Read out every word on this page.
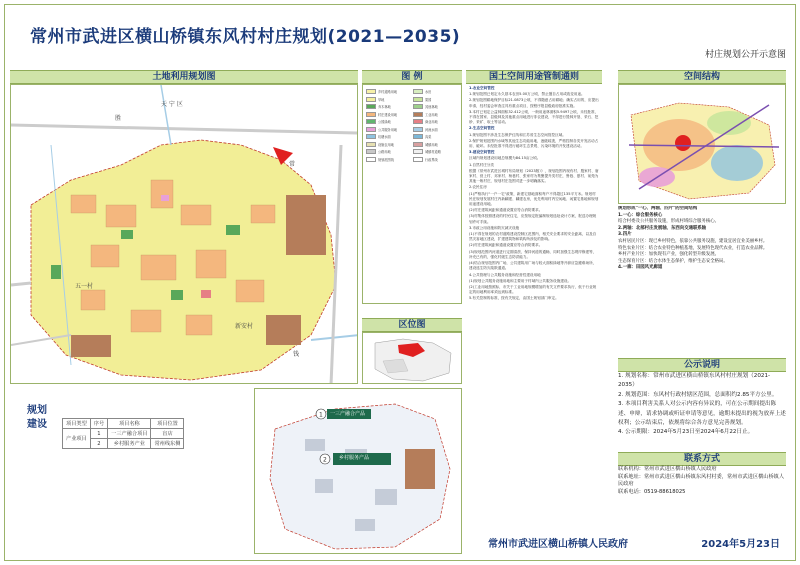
常州市武进区横山桥镇东风村村庄规划(2021—2035)
村庄规划公开示意图
土地利用规划图
天 宁 区
五一村
新安村
常
钱
胜
图 例
乡村道路用地	水田
旱地	果园
乔木林地	其他林地
村庄建设用地	工业用地
公园绿地	商业用地
公共服务用地	河流水面
坑塘水面	沟渠
设施农用地	城镇用地
公路用地	城镇村道路
规划范围线	行政界线
区位图
规划建设	项目类型	序号	项目名称	项目位置
产业项目	1	一三产融合项目	盲店
	2	乡村服务产业	常州线东侧
1
2
一三产融合产品
乡村服务产品
国土空间用途管制通则

1.农业空间管控

1.规划范围已划定永久基本农田5.00万公顷，禁止擅自占用或改变用途。

2.规划范围耕地保护目标21.0873公顷，不得随意占用耕地；确实占用的，应提出申请，经村委会审查注具有重点项目，按程序报县级政府批准实施。

3.本村已划定公益林面积32.412公顷，一般用途林面积5.9497公顷，未经批准，不得在国家、县级林及其他重点用地进行非农建设，不得进行毁林开垦、采石、挖砂、采矿、取土等活动。

2.生态空间管控

1.规划范围不涉及生态保护红线和江苏省生态空间管控区域。

2.保护规划范围内水域等其他生态功能用地，逐级疏浚，严格控制各类开发活动占用、破坏。未经批准不得进行破坏生态景观、污染环境的开发建设活动。

3.建设空间管控

区域内规划建设用地总规模为84.15亩公顷。

1.自然村庄分类

根据《常州市武进区城村布局规划（2023版）》，规划范围内现有村、殷家村、唐家村、营上村、邓家村、杨巷村、张家村为集聚提升类村庄，鲁巷、夏村、前苑为其他一般村庄，规划村庄范围对进一步明确落实。

2.农民住房

(1)严格执行"一户一宅"政策，新建宅基地面积每户不得超过135平方米。规划村民在规划发展村庄内新翻建、翻建农房，优先利用村内空闲地、闲置宅基地和规划用途建设用地。

(2)村庄建筑间距和通道设置应符合消防要求。

(3)村集体按照建设的村民住宅，应按规定报编制规划选址设计方案，报送办理规划许可手续。

3.市政公用设施和防灾减灾设施

(1)不得在规划的农村道路建设控制区范围内，相关安全要求的安全距离，以及自然灾害地区建设，扩建建筑物和筑构所涉及的影响。

(2)村庄建筑间距和通道设置应符合消防要求。

(3)规划范围内河道进行定期清淤，保持河道的通畅，同时加强生态堤岸修建等，补充已有的，强化村级生态防洪能力。

(4)结合规划范围内广场，公共建筑用广场与较大面积绿地等开辟应急避难场所，建设逃生防灾疏散通道。

4.公共管理与公共服务设施和经营性建设用地

(1)规划公共服务设施用地和主要用于村域内公共服务设施建设。

(2)工业用地按照标，市关于工业用地规模增加的有关文件要求执行，低于行业规定的用地利用率须达到标准。

5.有关控制的标准，按有关规定，由国土规划部门审定。

空间结构
规划形成"一心、两轴、四片"的空间结构
1.一心：综合服务核心
结合村委及公共服务设施，形成村域综合服务核心。
2.两轴：北部村庄发展轴、东西向交通联系轴
3.四片
农村居民片区：现已乡村特色，依靠公共服务设施，建设宜居宜业美丽乡村。
特色农业片区：结合农业特色种植基地，发展特色现代农业，打造农业品牌。
乡村产业片区：加快现有产业，强化转型升级发展。
生态保育片区：结合水体生态保护，维护生态安全格局。
4.一廊：田园风光廊道
公示说明
1. 规划名称：常州市武进区横山桥镇东风村村庄规划（2021-2035）
2. 规划范围：东风村行政村辖区范围，总面积约2.85平方公里。
3. 本项目利害关系人对公示内容有异议的，可在公示期间提出陈述、申辩，请求协调或听证申请等意见，逾期未提出的视为放弃上述权利；公示结束后，依规将综合各方意见完善规划。
4. 公示期限：2024年5月23日至2024年6月22日止。
联系方式
联系机构：常州市武进区横山桥镇人民政府
联系地址：常州市武进区横山桥镇东风村村委，常州市武进区横山桥镇人民政府
联系电话：0519-88618025
常州市武进区横山桥镇人民政府	2024年5月23日
